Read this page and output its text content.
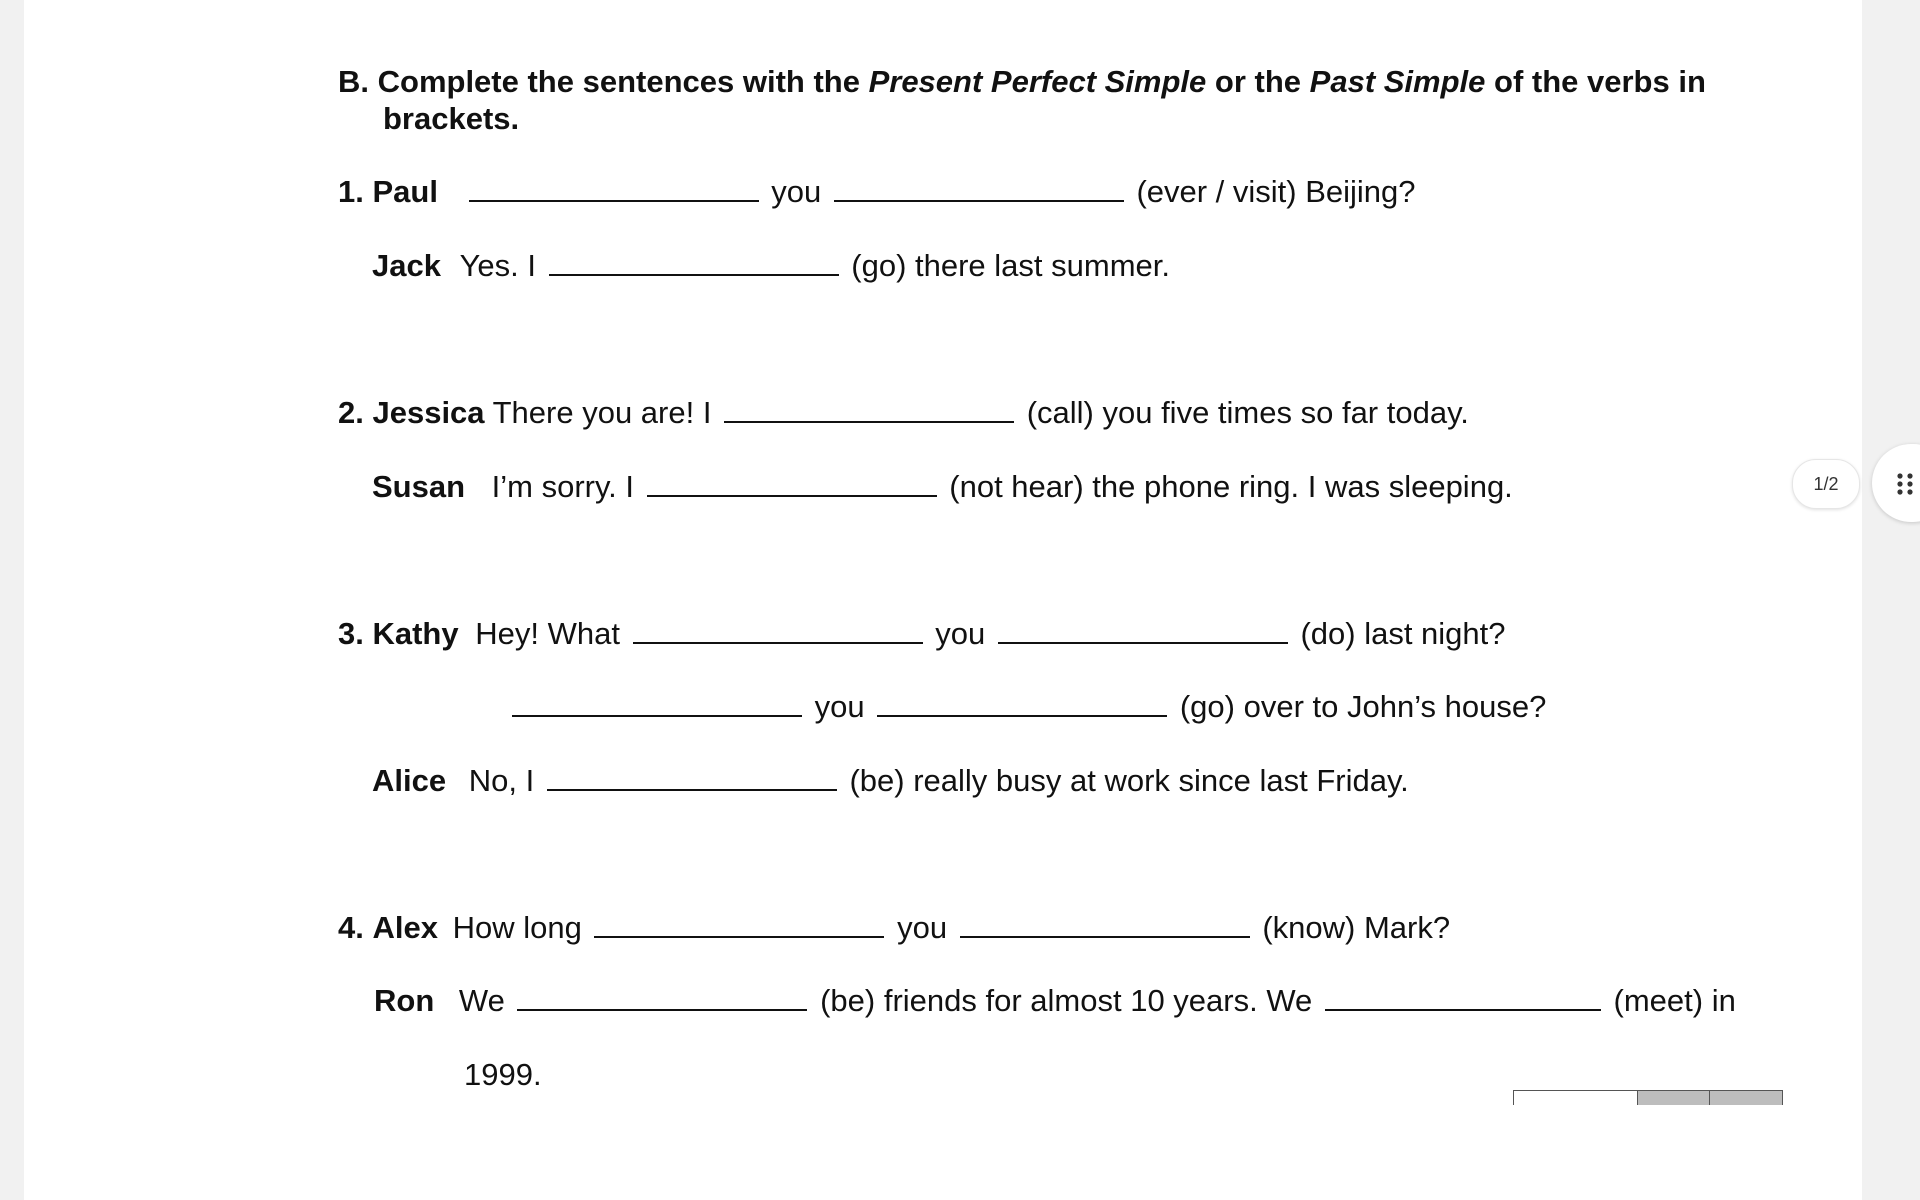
B. Complete the sentences with the Present Perfect Simple or the Past Simple of the verbs in
brackets.
1. Paul	you	(ever / visit) Beijing?
Jack Yes. I	(go) there last summer.
2. Jessica There you are! I	(call) you five times so far today.
Susan I’m sorry. I	(not hear) the phone ring. I was sleeping.
3. Kathy Hey! What	you	(do) last night?
you	(go) over to John’s house?
Alice No, I	(be) really busy at work since last Friday.
4. Alex How long	you	(know) Mark?
Ron We	(be) friends for almost 10 years. We	(meet) in
1999.
1/2
